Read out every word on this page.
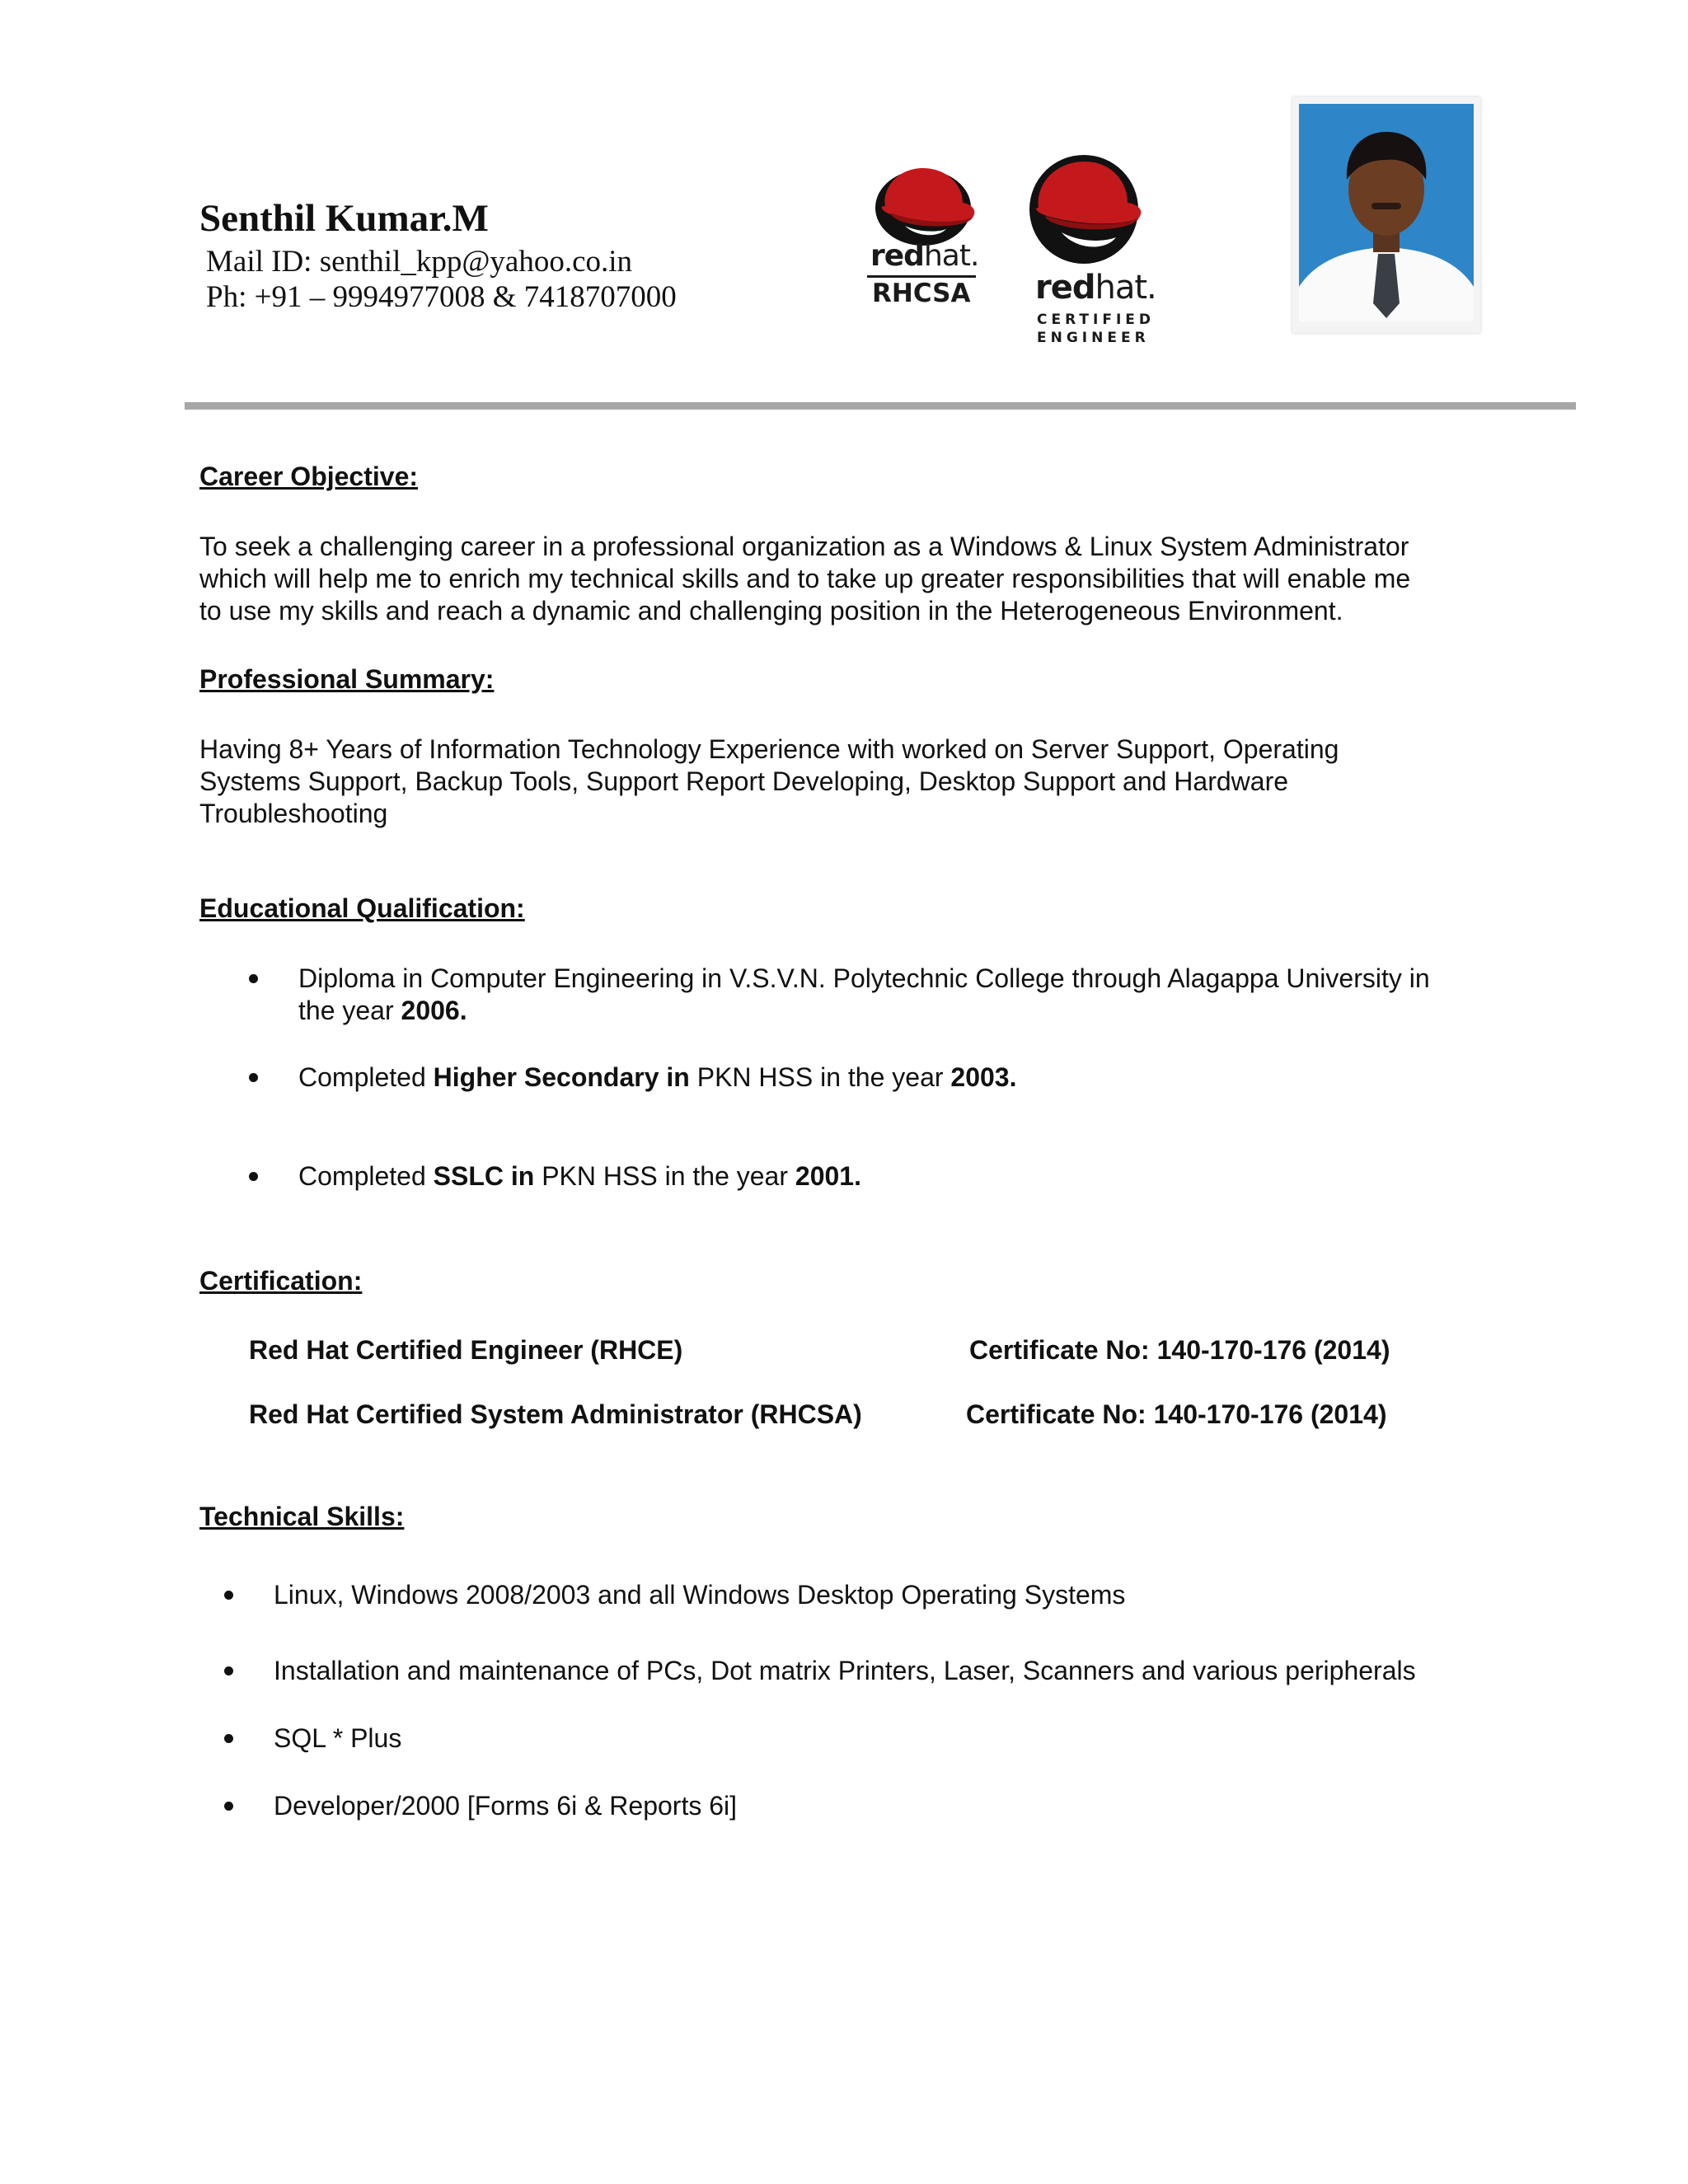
Senthil Kumar.M
Mail ID: senthil_kpp@yahoo.co.in
Ph: +91 – 9994977008 & 7418707000
redhat.
RHCSA redhat.
CERTIFIED
ENGINEER
Career Objective:
To seek a challenging career in a professional organization as a Windows & Linux System Administrator
which will help me to enrich my technical skills and to take up greater responsibilities that will enable me
to use my skills and reach a dynamic and challenging position in the Heterogeneous Environment.
Professional Summary:
Having 8+ Years of Information Technology Experience with worked on Server Support, Operating
Systems Support, Backup Tools, Support Report Developing, Desktop Support and Hardware
Troubleshooting
Educational Qualification:
Diploma in Computer Engineering in V.S.V.N. Polytechnic College through Alagappa University in
the year 2006.
Completed Higher Secondary in PKN HSS in the year 2003.
Completed SSLC in PKN HSS in the year 2001.
Certification:
Red Hat Certified Engineer (RHCE)	Certificate No: 140-170-176 (2014)
Red Hat Certified System Administrator (RHCSA)	Certificate No: 140-170-176 (2014)
Technical Skills:
Linux, Windows 2008/2003 and all Windows Desktop Operating Systems
Installation and maintenance of PCs, Dot matrix Printers, Laser, Scanners and various peripherals
SQL * Plus
Developer/2000 [Forms 6i & Reports 6i]
